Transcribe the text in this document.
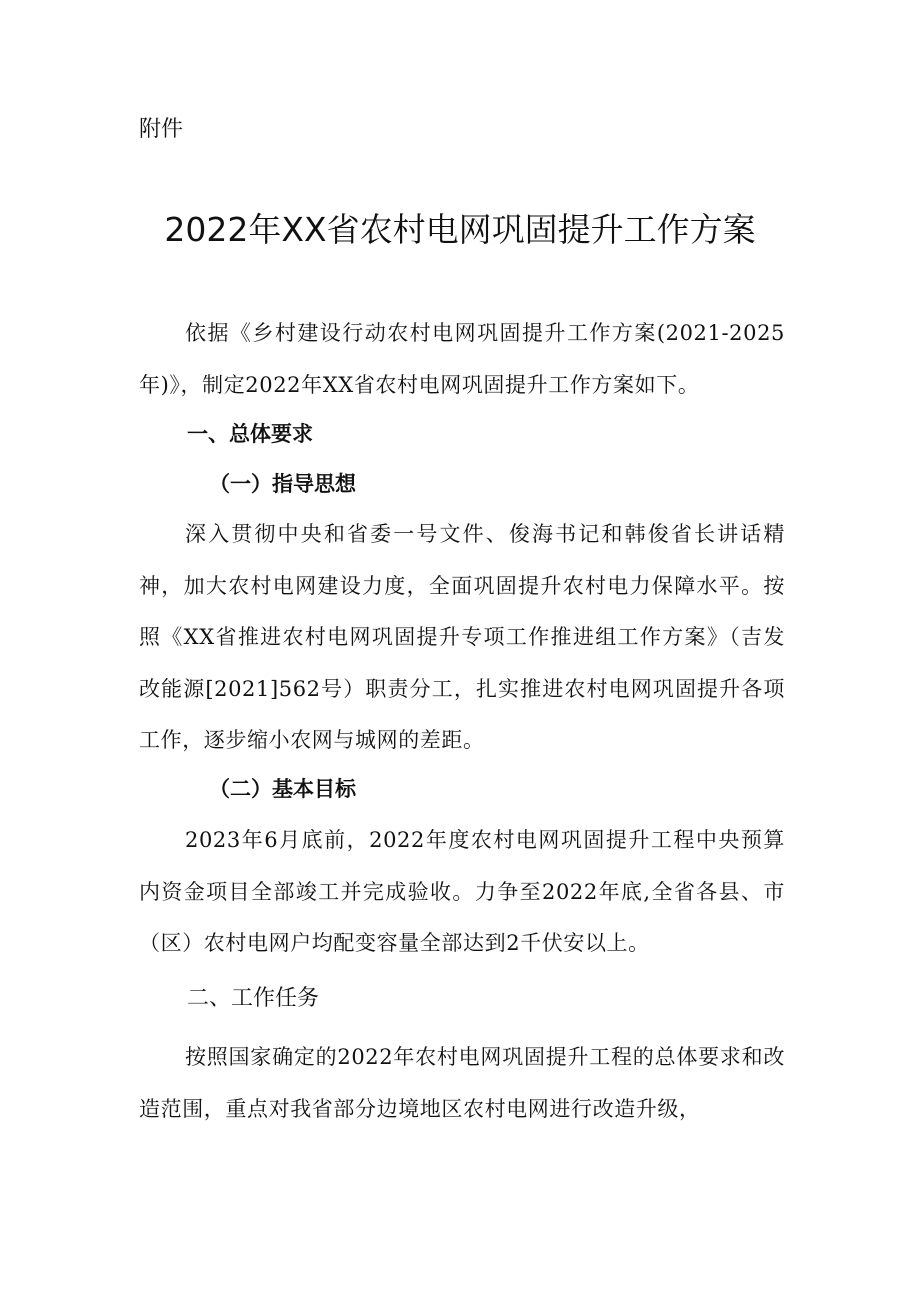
附件

2022年XX省农村电网巩固提升工作方案

依据《乡村建设行动农村电网巩固提升工作方案(2021-2025年)》，制定2022年XX省农村电网巩固提升工作方案如下。

一、总体要求
（一）指导思想

深入贯彻中央和省委一号文件、俊海书记和韩俊省长讲话精神，加大农村电网建设力度，全面巩固提升农村电力保障水平。按照《XX省推进农村电网巩固提升专项工作推进组工作方案》（吉发改能源[2021]562号）职责分工，扎实推进农村电网巩固提升各项工作，逐步缩小农网与城网的差距。

（二）基本目标

2023年6月底前，2022年度农村电网巩固提升工程中央预算内资金项目全部竣工并完成验收。力争至2022年底,全省各县、市（区）农村电网户均配变容量全部达到2千伏安以上。

二、工作任务

按照国家确定的2022年农村电网巩固提升工程的总体要求和改造范围，重点对我省部分边境地区农村电网进行改造升级，
